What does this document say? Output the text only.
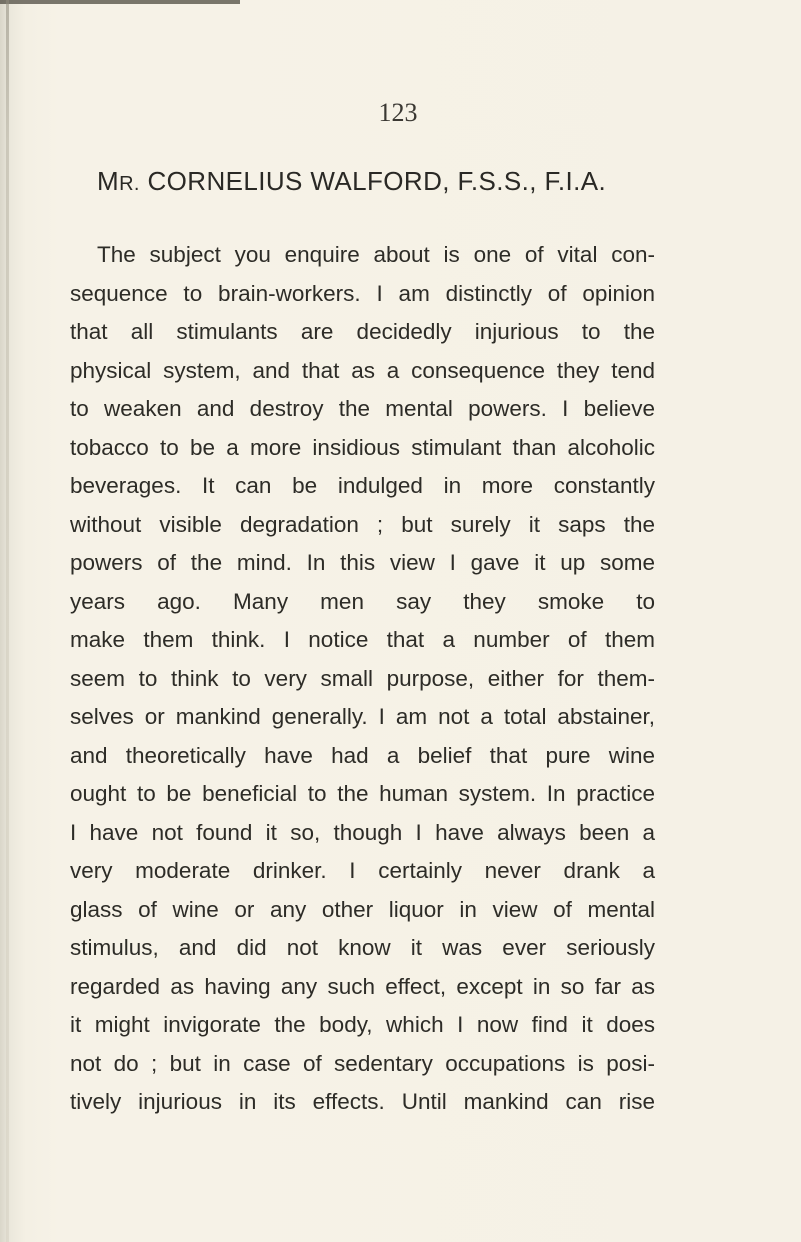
123
MR. CORNELIUS WALFORD, F.S.S., F.I.A.
The subject you enquire about is one of vital con-
sequence to brain-workers. I am distinctly of opinion
that all stimulants are decidedly injurious to the
physical system, and that as a consequence they tend
to weaken and destroy the mental powers. I believe
tobacco to be a more insidious stimulant than alcoholic
beverages. It can be indulged in more constantly
without visible degradation ; but surely it saps the
powers of the mind. In this view I gave it up some
years ago. Many men say they smoke to
make them think. I notice that a number of them
seem to think to very small purpose, either for them-
selves or mankind generally. I am not a total abstainer,
and theoretically have had a belief that pure wine
ought to be beneficial to the human system. In practice
I have not found it so, though I have always been a
very moderate drinker. I certainly never drank a
glass of wine or any other liquor in view of mental
stimulus, and did not know it was ever seriously
regarded as having any such effect, except in so far as
it might invigorate the body, which I now find it does
not do ; but in case of sedentary occupations is posi-
tively injurious in its effects. Until mankind can rise
